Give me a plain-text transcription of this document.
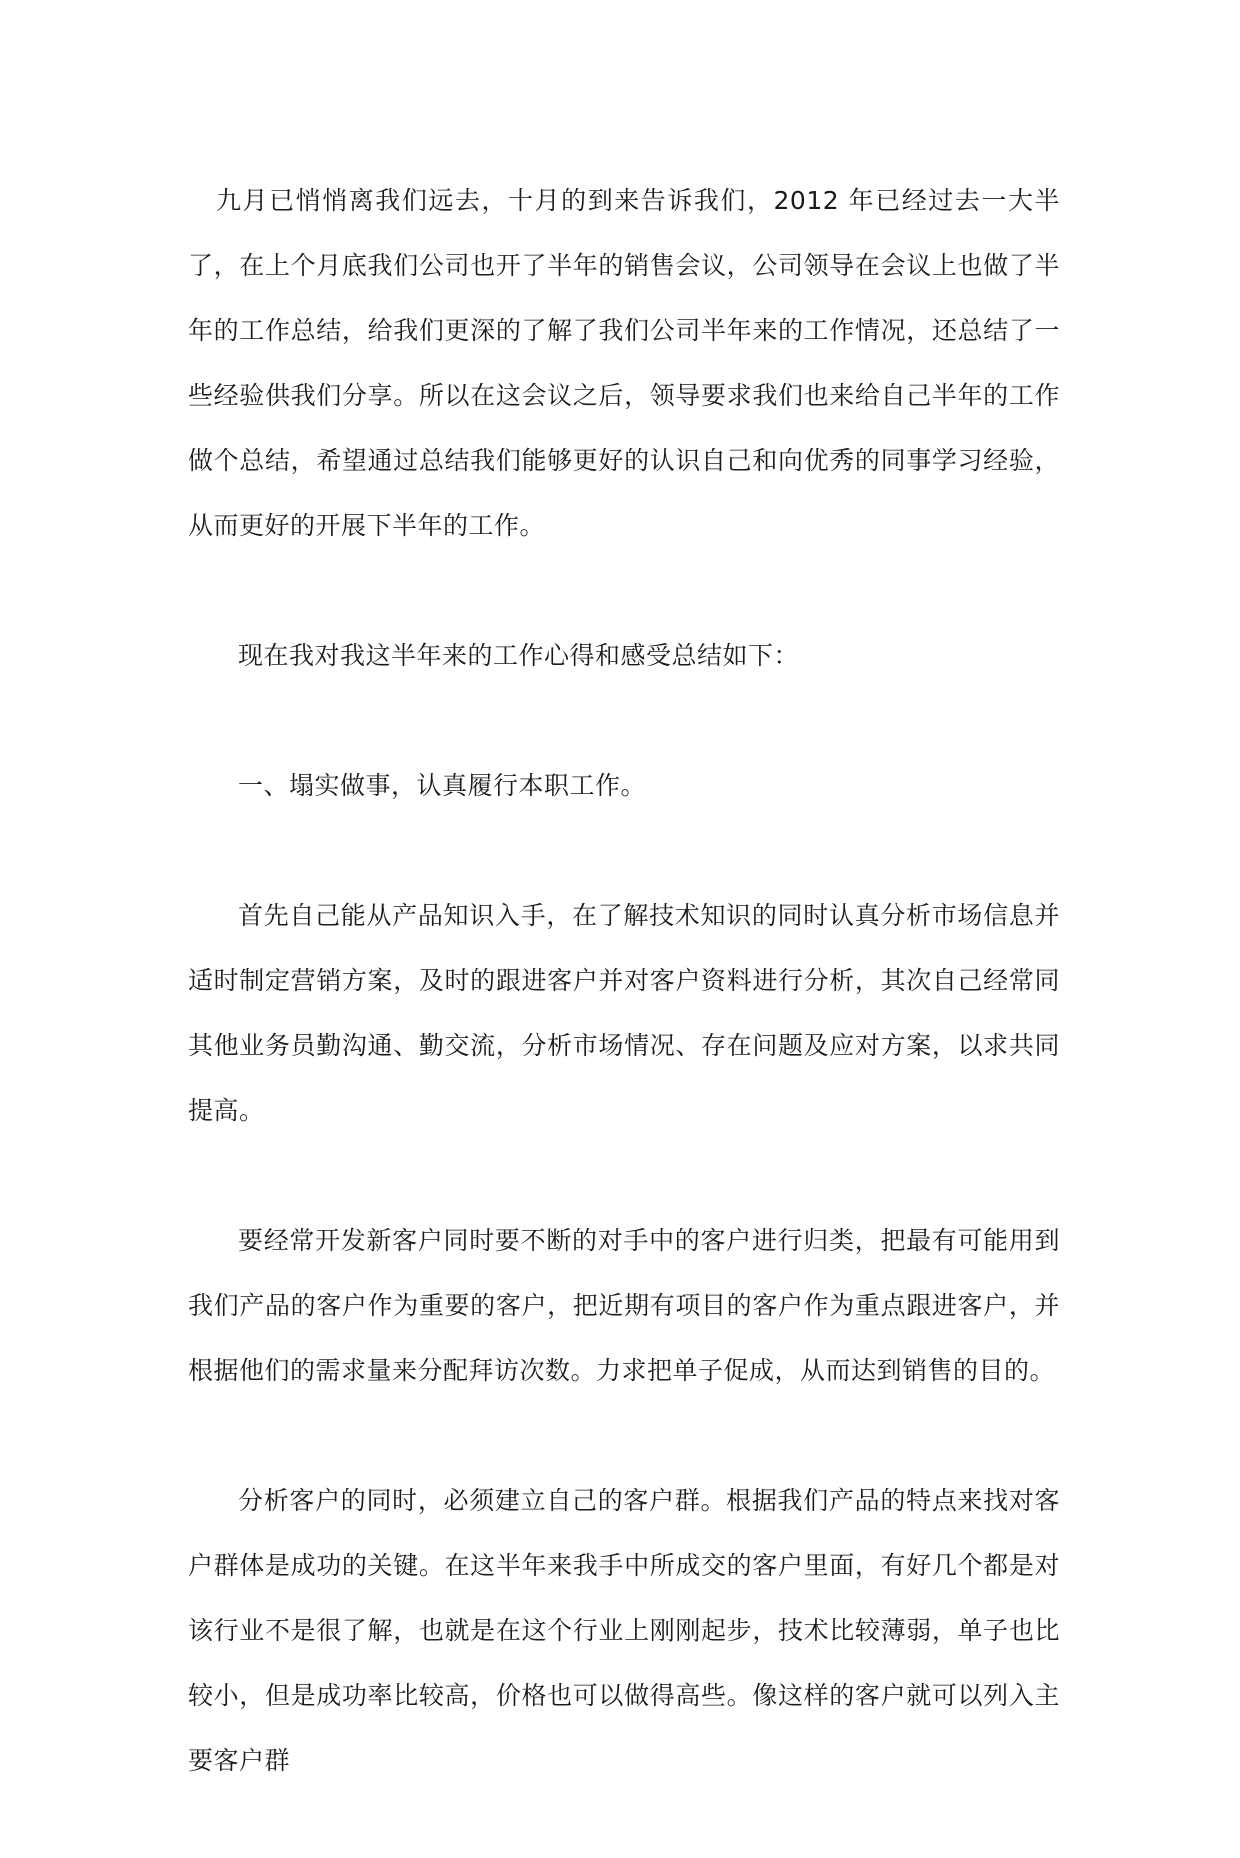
九月已悄悄离我们远去，十月的到来告诉我们，2012 年已经过去一大半了，在上个月底我们公司也开了半年的销售会议，公司领导在会议上也做了半年的工作总结，给我们更深的了解了我们公司半年来的工作情况，还总结了一些经验供我们分享。所以在这会议之后，领导要求我们也来给自己半年的工作做个总结，希望通过总结我们能够更好的认识自己和向优秀的同事学习经验，从而更好的开展下半年的工作。

现在我对我这半年来的工作心得和感受总结如下：

一、塌实做事，认真履行本职工作。

首先自己能从产品知识入手，在了解技术知识的同时认真分析市场信息并适时制定营销方案，及时的跟进客户并对客户资料进行分析，其次自己经常同其他业务员勤沟通、勤交流，分析市场情况、存在问题及应对方案，以求共同提高。

要经常开发新客户同时要不断的对手中的客户进行归类，把最有可能用到我们产品的客户作为重要的客户，把近期有项目的客户作为重点跟进客户，并根据他们的需求量来分配拜访次数。力求把单子促成，从而达到销售的目的。

分析客户的同时，必须建立自己的客户群。根据我们产品的特点来找对客户群体是成功的关键。在这半年来我手中所成交的客户里面，有好几个都是对该行业不是很了解，也就是在这个行业上刚刚起步，技术比较薄弱，单子也比较小，但是成功率比较高，价格也可以做得高些。像这样的客户就可以列入主要客户群
